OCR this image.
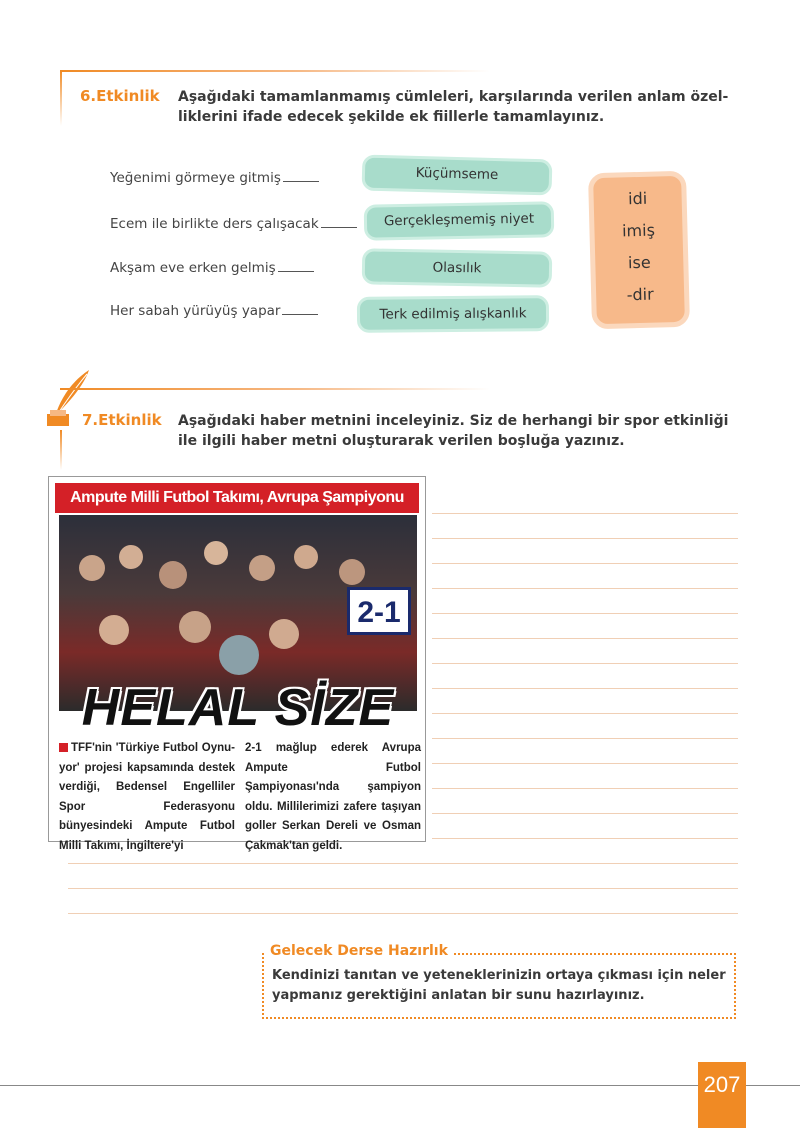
6.Etkinlik Aşağıdaki tamamlanmamış cümleleri, karşılarında verilen anlam özel-
liklerini ifade edecek şekilde ek fiillerle tamamlayınız.
Yeğenimi görmeye gitmiş
Ecem ile birlikte ders çalışacak
Akşam eve erken gelmiş
Her sabah yürüyüş yapar
Küçümseme
Gerçekleşmemiş niyet
Olasılık
Terk edilmiş alışkanlık
idi
imiş
ise
-dir
7.Etkinlik Aşağıdaki haber metnini inceleyiniz. Siz de herhangi bir spor etkinliği
ile ilgili haber metni oluşturarak verilen boşluğa yazınız.
Ampute Milli Futbol Takımı, Avrupa Şampiyonu
2-1
HELAL SİZE
TFF'nin 'Türkiye Futbol Oynu-yor' projesi kapsamında destek verdiği, Bedensel Engelliler Spor Federasyonu bünyesindeki Ampute Futbol Milli Takımı, İngiltere'yi
2-1 mağlup ederek Avrupa Ampute Futbol Şampiyonası'nda şampiyon oldu. Millilerimizi zafere taşıyan goller Serkan Dereli ve Osman Çakmak'tan geldi.
Gelecek Derse Hazırlık
Kendinizi tanıtan ve yeteneklerinizin ortaya çıkması için neler yapmanız gerektiğini anlatan bir sunu hazırlayınız.
207
